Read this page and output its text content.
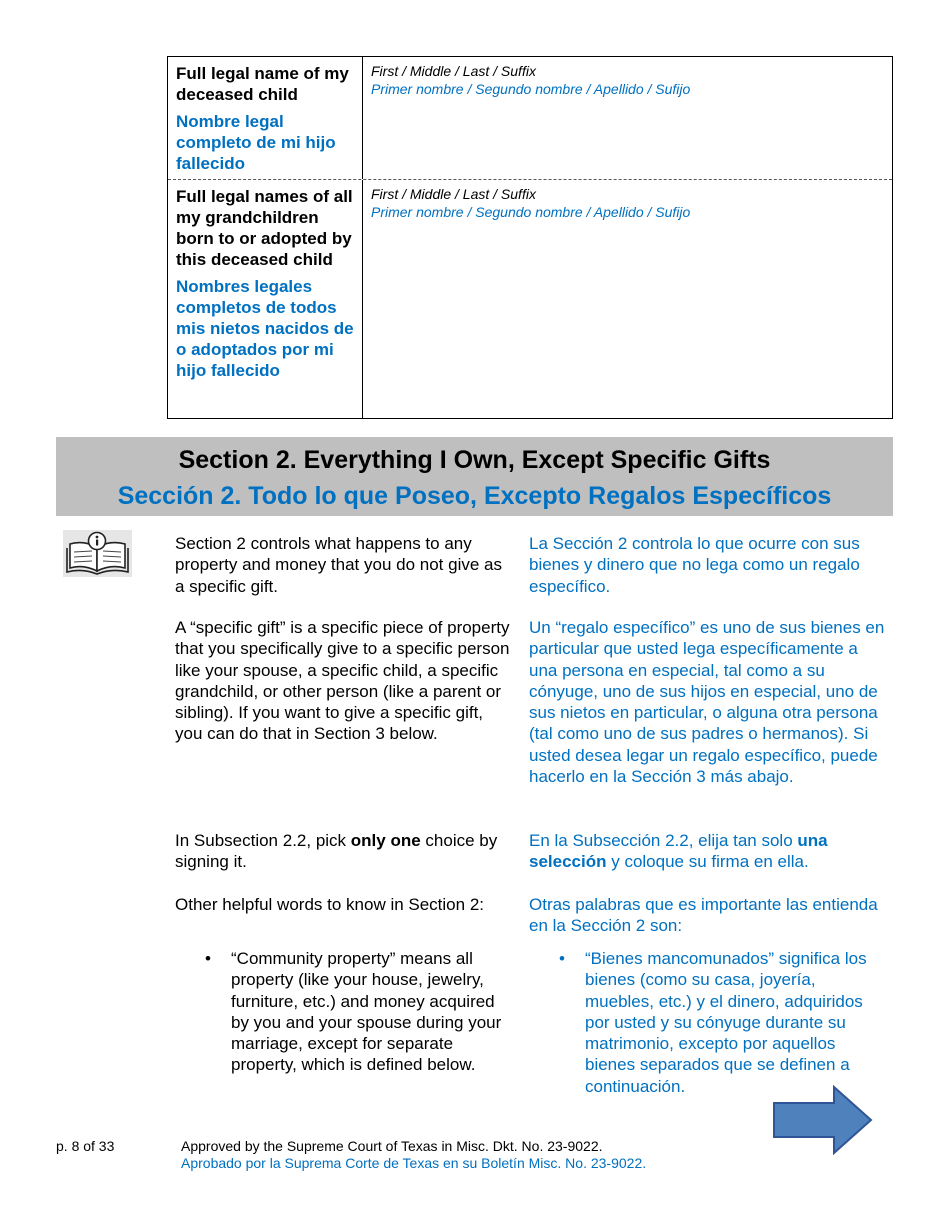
Full legal name of my deceased child
Nombre legal completo de mi hijo fallecido
First / Middle / Last / Suffix
Primer nombre / Segundo nombre / Apellido / Sufijo
Full legal names of all my grandchildren born to or adopted by this deceased child
Nombres legales completos de todos mis nietos nacidos de o adoptados por mi hijo fallecido
First / Middle / Last / Suffix
Primer nombre / Segundo nombre / Apellido / Sufijo
Section 2. Everything I Own, Except Specific Gifts
Sección 2. Todo lo que Poseo, Excepto Regalos Específicos

Section 2 controls what happens to any property and money that you do not give as a specific gift.

A “specific gift” is a specific piece of property that you specifically give to a specific person like your spouse, a specific child, a specific grandchild, or other person (like a parent or sibling). If you want to give a specific gift, you can do that in Section 3 below.

In Subsection 2.2, pick only one choice by signing it.

Other helpful words to know in Section 2:

• “Community property” means all property (like your house, jewelry, furniture, etc.) and money acquired by you and your spouse during your marriage, except for separate property, which is defined below.

La Sección 2 controla lo que ocurre con sus bienes y dinero que no lega como un regalo específico.

Un “regalo específico” es uno de sus bienes en particular que usted lega específicamente a una persona en especial, tal como a su cónyuge, uno de sus hijos en especial, uno de sus nietos en particular, o alguna otra persona (tal como uno de sus padres o hermanos). Si usted desea legar un regalo específico, puede hacerlo en la Sección 3 más abajo.

En la Subsección 2.2, elija tan solo una selección y coloque su firma en ella.

Otras palabras que es importante las entienda en la Sección 2 son:

• “Bienes mancomunados” significa los bienes (como su casa, joyería, muebles, etc.) y el dinero, adquiridos por usted y su cónyuge durante su matrimonio, excepto por aquellos bienes separados que se definen a continuación.
p. 8 of 33	Approved by the Supreme Court of Texas in Misc. Dkt. No. 23-9022.
Aprobado por la Suprema Corte de Texas en su Boletín Misc. No. 23-9022.
